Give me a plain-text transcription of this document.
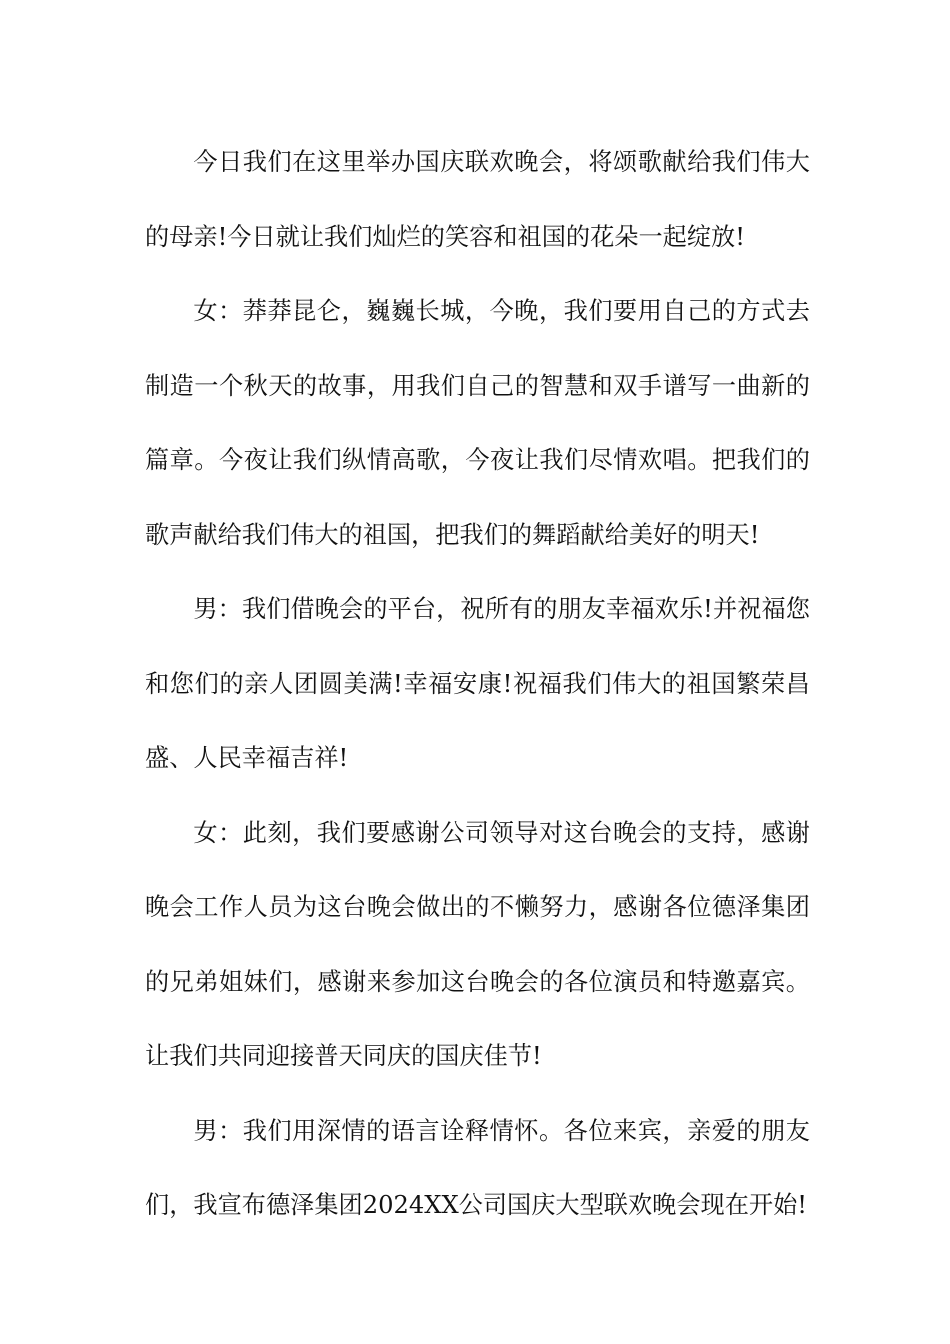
今日我们在这里举办国庆联欢晚会，将颂歌献给我们伟大的母亲!今日就让我们灿烂的笑容和祖国的花朵一起绽放!

女：莽莽昆仑，巍巍长城，今晚，我们要用自己的方式去制造一个秋天的故事，用我们自己的智慧和双手谱写一曲新的篇章。今夜让我们纵情高歌，今夜让我们尽情欢唱。把我们的歌声献给我们伟大的祖国，把我们的舞蹈献给美好的明天!

男：我们借晚会的平台，祝所有的朋友幸福欢乐!并祝福您和您们的亲人团圆美满!幸福安康!祝福我们伟大的祖国繁荣昌盛、人民幸福吉祥!

女：此刻，我们要感谢公司领导对这台晚会的支持，感谢晚会工作人员为这台晚会做出的不懒努力，感谢各位德泽集团的兄弟姐妹们，感谢来参加这台晚会的各位演员和特邀嘉宾。让我们共同迎接普天同庆的国庆佳节!

男：我们用深情的语言诠释情怀。各位来宾，亲爱的朋友们，我宣布德泽集团2024XX公司国庆大型联欢晚会现在开始!
